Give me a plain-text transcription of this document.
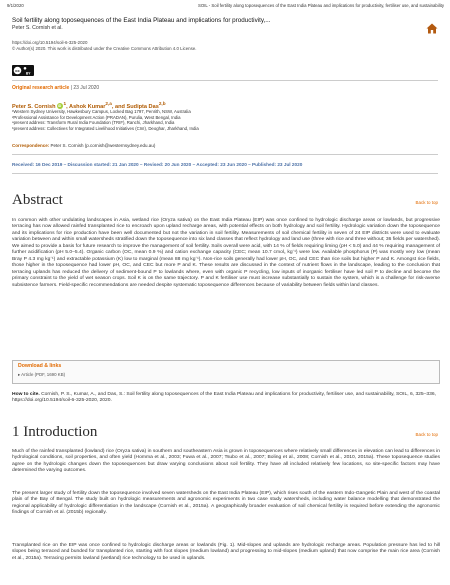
9/1/2020	SOIL - Soil fertility along toposequences of the East India Plateau and implications for productivity, fertiliser use, and sustainability
Soil fertility along toposequences of the East India Plateau and implications for productivity,...
Peter S. Cornish et al.
https://doi.org/10.5194/soil-6-325-2020
© Author(s) 2020. This work is distributed under the Creative Commons Attribution 4.0 License.
cc
BY
Original research article | 23 Jul 2020
Peter S. Cornish $iD^1$, Ashok Kumar$^{2,a}$, and Sudipta Das$^{2,b}$
¹Western Sydney University, Hawkesbury Campus, Locked Bag 1797, Penrith, NSW, Australia
²Professional Assistance for Development Action (PRADAN), Purulia, West Bengal, India
ᵃpresent address: Transform Rural India Foundation (TRIF), Ranchi, Jharkhand, India
ᵇpresent address: Collectives for Integrated Livelihood Initiatives (CInI), Deoghar, Jharkhand, India
Correspondence: Peter S. Cornish (p.cornish@westernsydney.edu.au)
Received: 16 Dec 2019 – Discussion started: 21 Jan 2020 – Revised: 20 Jun 2020 – Accepted: 23 Jun 2020 – Published: 23 Jul 2020
Abstract	Back to top
In common with other undulating landscapes in Asia, wetland rice (Oryza sativa) on the East India Plateau (EIP) was once confined to hydrologic discharge areas or lowlands, but progressive terracing has now allowed rainfed transplanted rice to encroach upon upland recharge areas, with potential effects on both hydrology and soil fertility. Hydrologic variation down the toposequence and its implications for rice production have been well documented but not the variation in soil fertility. Measurements of soil chemical fertility in seven of 24 EIP districts were used to evaluate variation between and within small watersheds stratified down the toposequence into six land classes that reflect hydrology and land use (three with rice and three without; 36 fields per watershed). We aimed to provide a basis for future research to improve the management of soil fertility. Soils overall were acid, with 14 % of fields requiring liming (pH < 5.0) and 44 % requiring management of further acidification (pH 5.0–5.4). Organic carbon (OC, mean 0.9 %) and cation exchange capacity (CEC; mean 10.7 cmol꜀ kg⁻¹) were low. Available phosphorus (P) was mostly very low (mean Bray P 4.3 mg kg⁻¹) and extractable potassium (K) low to marginal (mean 88 mg kg⁻¹). Non-rice soils generally had lower pH, OC, and CEC than rice soils but higher P and K. Amongst rice fields, those higher in the toposequence had lower pH, OC, and CEC but more P and K. These results are discussed in the context of nutrient flows in the landscape, leading to the conclusion that terracing uplands has reduced the delivery of sediment-bound P to lowlands where, even with organic P recycling, low inputs of inorganic fertiliser have led soil P to decline and become the primary constraint to the yield of wet season crops. Soil K is on the same trajectory. P and K fertiliser use must increase substantially to sustain the system, which is a challenge for risk-averse subsistence farmers. Field-specific recommendations are needed despite systematic toposequence differences because of variability between fields within land classes.
Download & links
▸ Article (PDF, 1690 KB)
How to cite. Cornish, P. S., Kumar, A., and Das, S.: Soil fertility along toposequences of the East India Plateau and implications for productivity, fertiliser use, and sustainability, SOIL, 6, 325–336, https://doi.org/10.5194/soil-6-325-2020, 2020.
1 Introduction	Back to top
Much of the rainfed transplanted (lowland) rice (Oryza sativa) in southern and southeastern Asia is grown in toposequences where relatively small differences in elevation can lead to differences in hydrological conditions, soil properties, and often yield (Homma et al., 2003; Fuwa et al., 2007; Tsubo et al., 2007; Boling et al., 2008; Cornish et al., 2010, 2015a). These toposequence studies agree on the hydrologic changes down the toposequences but draw varying conclusions about soil fertility. They have all included relatively few locations, so site-specific factors may have determined the varying outcomes.
The present larger study of fertility down the toposequence involved seven watersheds on the East India Plateau (EIP), which rises south of the eastern Indo-Gangetic Plain and west of the coastal plain of the Bay of Bengal. The study built on hydrologic measurements and agronomic experiments in two case study watersheds, including water balance modelling that demonstrated the regional applicability of hydrologic differentiation in the landscape (Cornish et al., 2015a). A geographically broader evaluation of soil chemical fertility is required before extending the agronomic findings of Cornish et al. (2015b) regionally.
Transplanted rice on the EIP was once confined to hydrologic discharge areas or lowlands (Fig. 1). Mid-slopes and uplands are hydrologic recharge areas. Population pressure has led to hill slopes being terraced and bunded for transplanted rice, starting with foot slopes (medium lowland) and progressing to mid-slopes (medium upland) that now comprise the main rice area (Cornish et al., 2015a). Terracing permits lowland (wetland) rice technology to be used in uplands.
